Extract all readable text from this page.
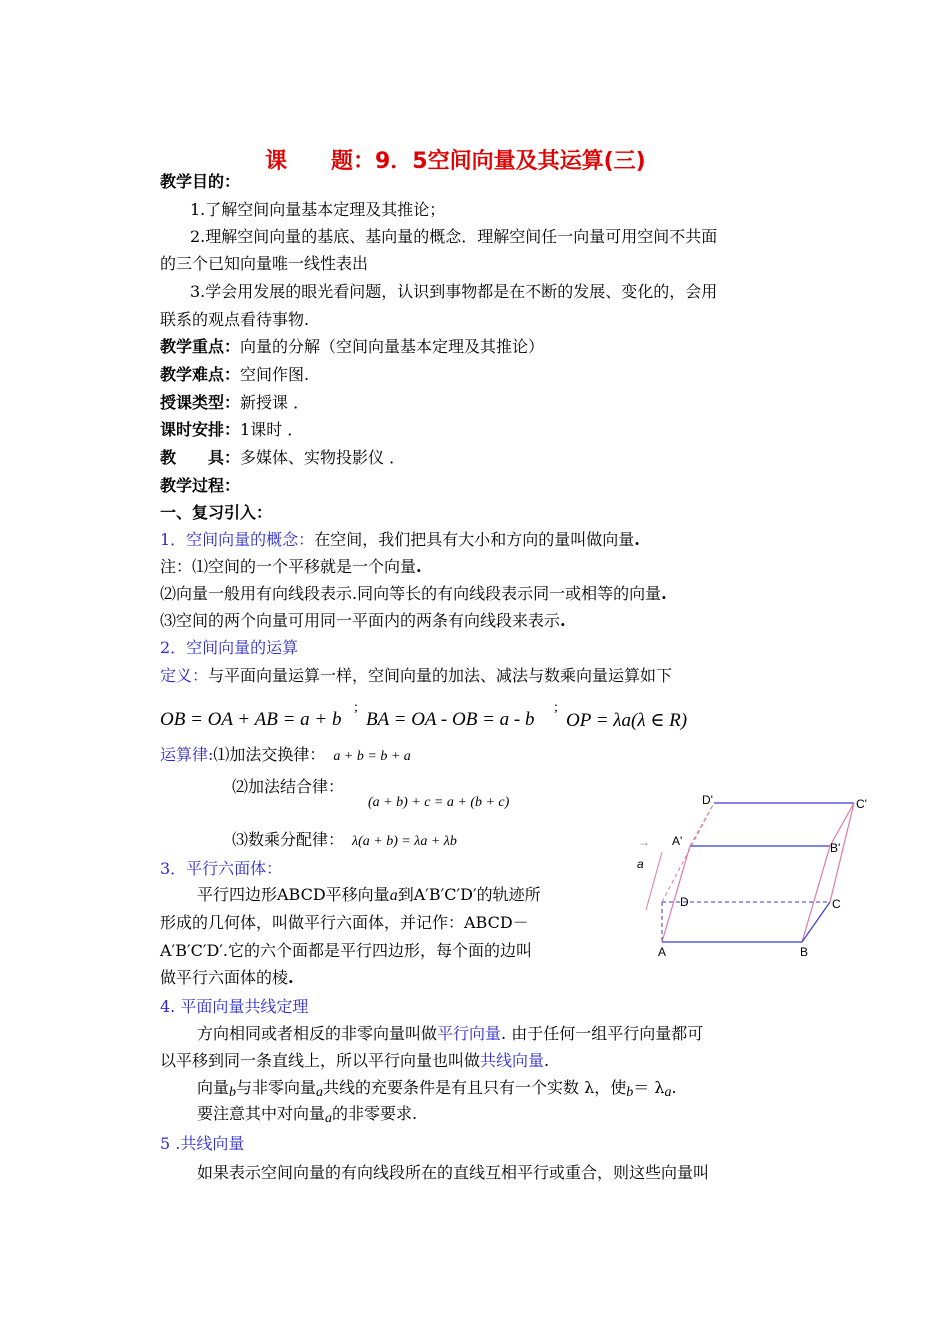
课　　题：9．5空间向量及其运算(三)
教学目的：
1.了解空间向量基本定理及其推论；
2.理解空间向量的基底、基向量的概念．理解空间任一向量可用空间不共面
的三个已知向量唯一线性表出
3.学会用发展的眼光看问题，认识到事物都是在不断的发展、变化的，会用
联系的观点看待事物.
教学重点：向量的分解（空间向量基本定理及其推论）
教学难点：空间作图.
授课类型：新授课 ．
课时安排：1课时 ．
教　　具：多媒体、实物投影仪 ．
教学过程：
一、复习引入：
1．空间向量的概念：在空间，我们把具有大小和方向的量叫做向量.
注：⑴空间的一个平移就是一个向量.
⑵向量一般用有向线段表示.同向等长的有向线段表示同一或相等的向量.
⑶空间的两个向量可用同一平面内的两条有向线段来表示.
2．空间向量的运算
定义：与平面向量运算一样，空间向量的加法、减法与数乘向量运算如下
OB = OA + AB = a + b
;
BA = OA - OB = a - b
;
OP = λa(λ ∈ R)
运算律:⑴加法交换律： a + b = b + a
⑵加法结合律：
(a + b) + c = a + (b + c)
⑶数乘分配律： λ(a + b) = λa + λb
3．平行六面体：
平行四边形ABCD平移向量a到A′B′C′D′的轨迹所
形成的几何体，叫做平行六面体，并记作：ABCD－
A′B′C′D′.它的六个面都是平行四边形，每个面的边叫
做平行六面体的棱.
4. 平面向量共线定理
方向相同或者相反的非零向量叫做平行向量. 由于任何一组平行向量都可
以平移到同一条直线上，所以平行向量也叫做共线向量.
向量b与非零向量a共线的充要条件是有且只有一个实数 λ，使b＝ λa.
要注意其中对向量a的非零要求.
5 .共线向量
如果表示空间向量的有向线段所在的直线互相平行或重合，则这些向量叫
→
a
D'	C'
A'	B'
D	C
A	B
